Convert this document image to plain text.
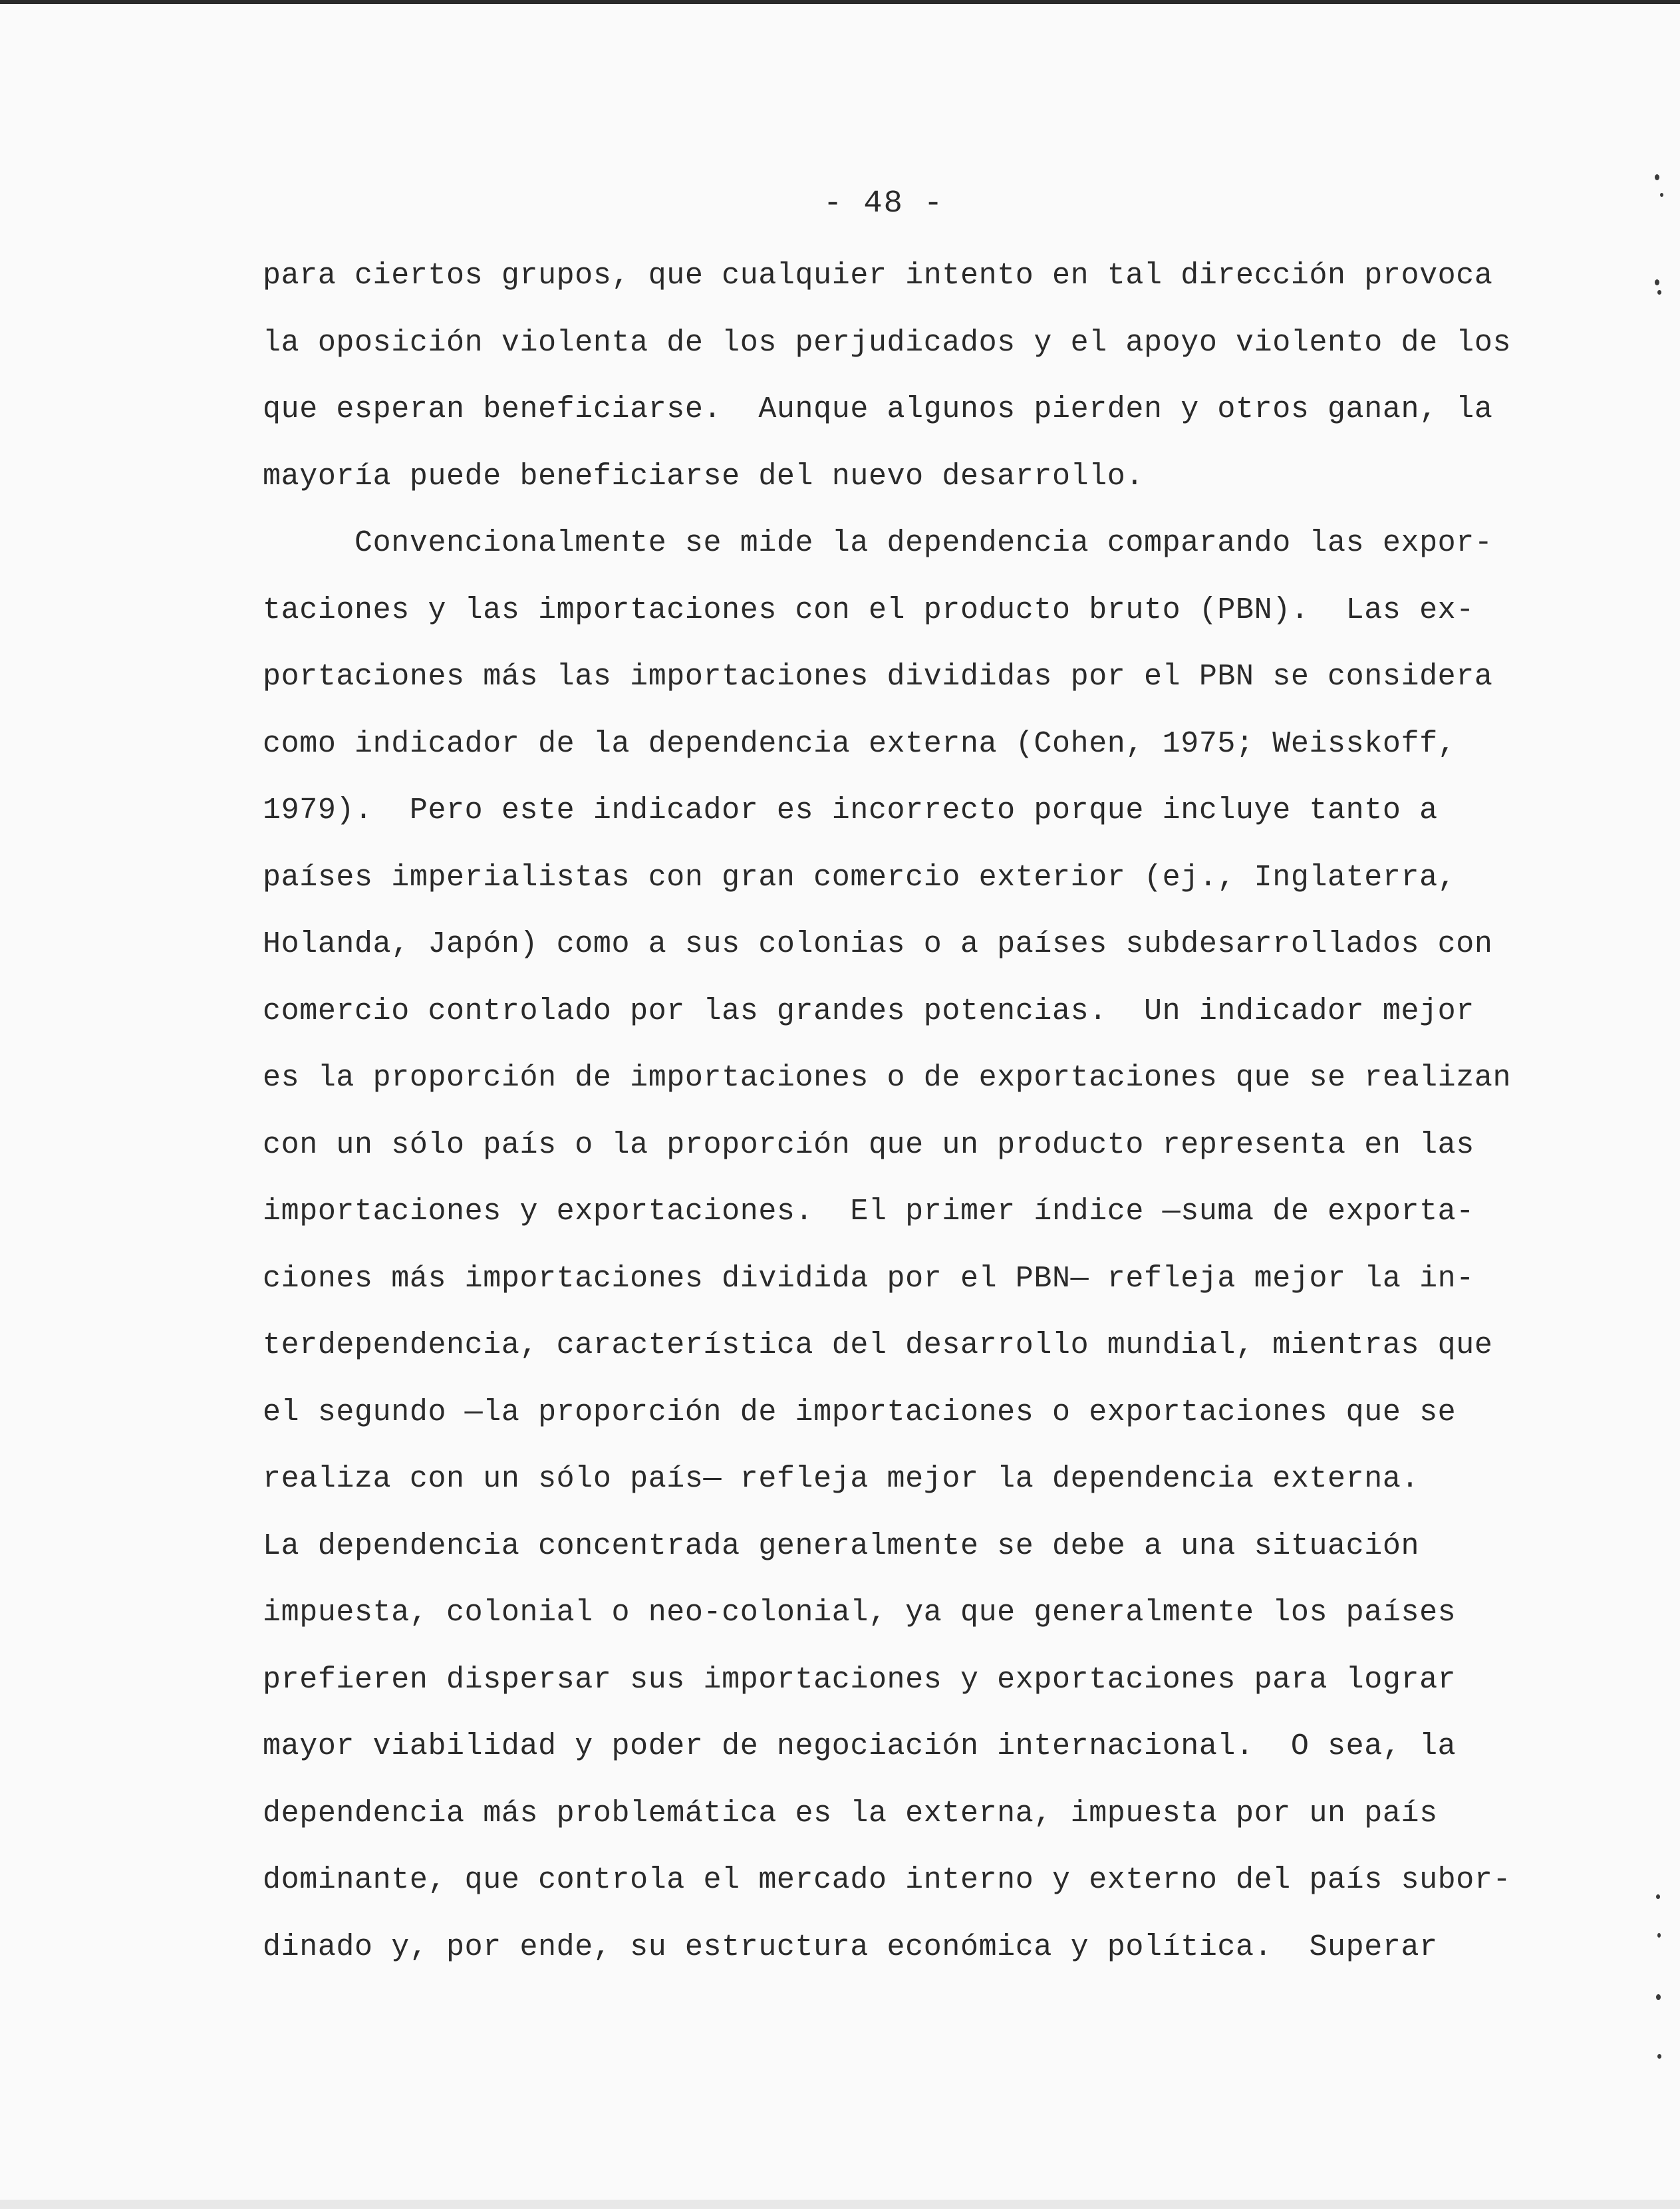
- 48 -
para ciertos grupos, que cualquier intento en tal dirección provoca
la oposición violenta de los perjudicados y el apoyo violento de los
que esperan beneficiarse.  Aunque algunos pierden y otros ganan, la
mayoría puede beneficiarse del nuevo desarrollo.
Convencionalmente se mide la dependencia comparando las expor-
taciones y las importaciones con el producto bruto (PBN).  Las ex-
portaciones más las importaciones divididas por el PBN se considera
como indicador de la dependencia externa (Cohen, 1975; Weisskoff,
1979).  Pero este indicador es incorrecto porque incluye tanto a
países imperialistas con gran comercio exterior (ej., Inglaterra,
Holanda, Japón) como a sus colonias o a países subdesarrollados con
comercio controlado por las grandes potencias.  Un indicador mejor
es la proporción de importaciones o de exportaciones que se realizan
con un sólo país o la proporción que un producto representa en las
importaciones y exportaciones.  El primer índice —suma de exporta-
ciones más importaciones dividida por el PBN— refleja mejor la in-
terdependencia, característica del desarrollo mundial, mientras que
el segundo —la proporción de importaciones o exportaciones que se
realiza con un sólo país— refleja mejor la dependencia externa.
La dependencia concentrada generalmente se debe a una situación
impuesta, colonial o neo-colonial, ya que generalmente los países
prefieren dispersar sus importaciones y exportaciones para lograr
mayor viabilidad y poder de negociación internacional.  O sea, la
dependencia más problemática es la externa, impuesta por un país
dominante, que controla el mercado interno y externo del país subor-
dinado y, por ende, su estructura económica y política.  Superar
